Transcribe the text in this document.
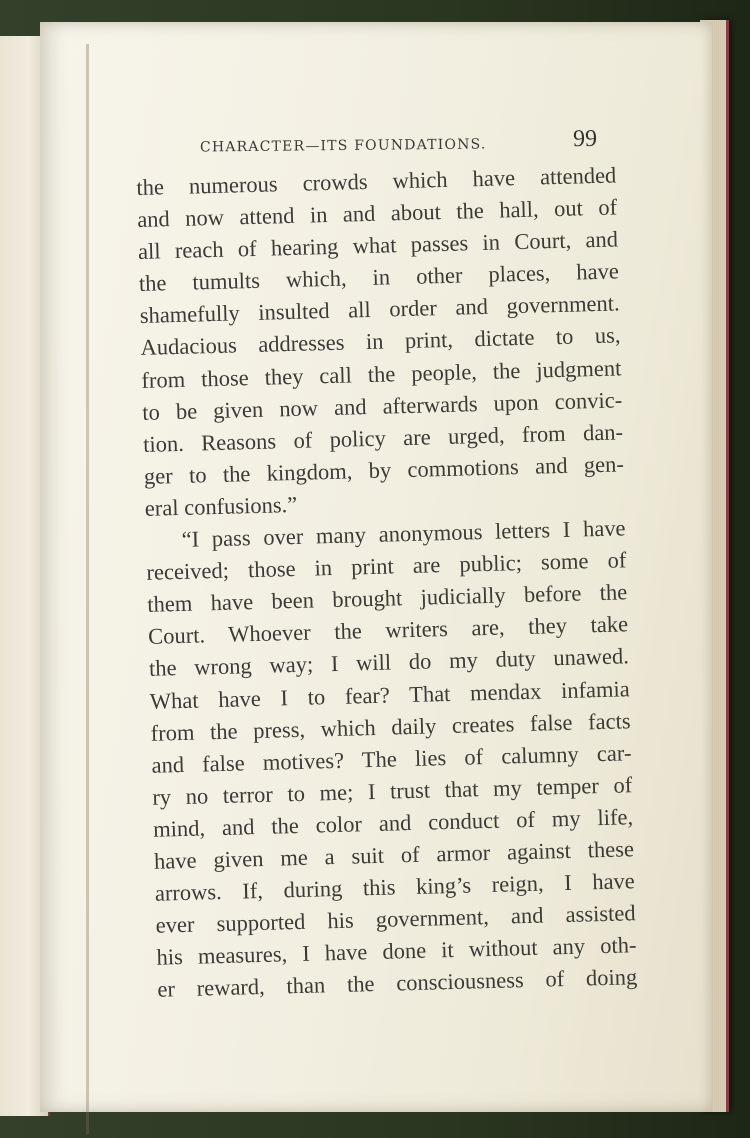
CHARACTER—ITS FOUNDATIONS.	99
the numerous crowds which have attended
and now attend in and about the hall, out of
all reach of hearing what passes in Court, and
the tumults which, in other places, have
shamefully insulted all order and government.
Audacious addresses in print, dictate to us,
from those they call the people, the judgment
to be given now and afterwards upon convic-
tion. Reasons of policy are urged, from dan-
ger to the kingdom, by commotions and gen-
eral confusions.”
“I pass over many anonymous letters I have
received; those in print are public; some of
them have been brought judicially before the
Court. Whoever the writers are, they take
the wrong way; I will do my duty unawed.
What have I to fear? That mendax infamia
from the press, which daily creates false facts
and false motives? The lies of calumny car-
ry no terror to me; I trust that my temper of
mind, and the color and conduct of my life,
have given me a suit of armor against these
arrows. If, during this king’s reign, I have
ever supported his government, and assisted
his measures, I have done it without any oth-
er reward, than the consciousness of doing
